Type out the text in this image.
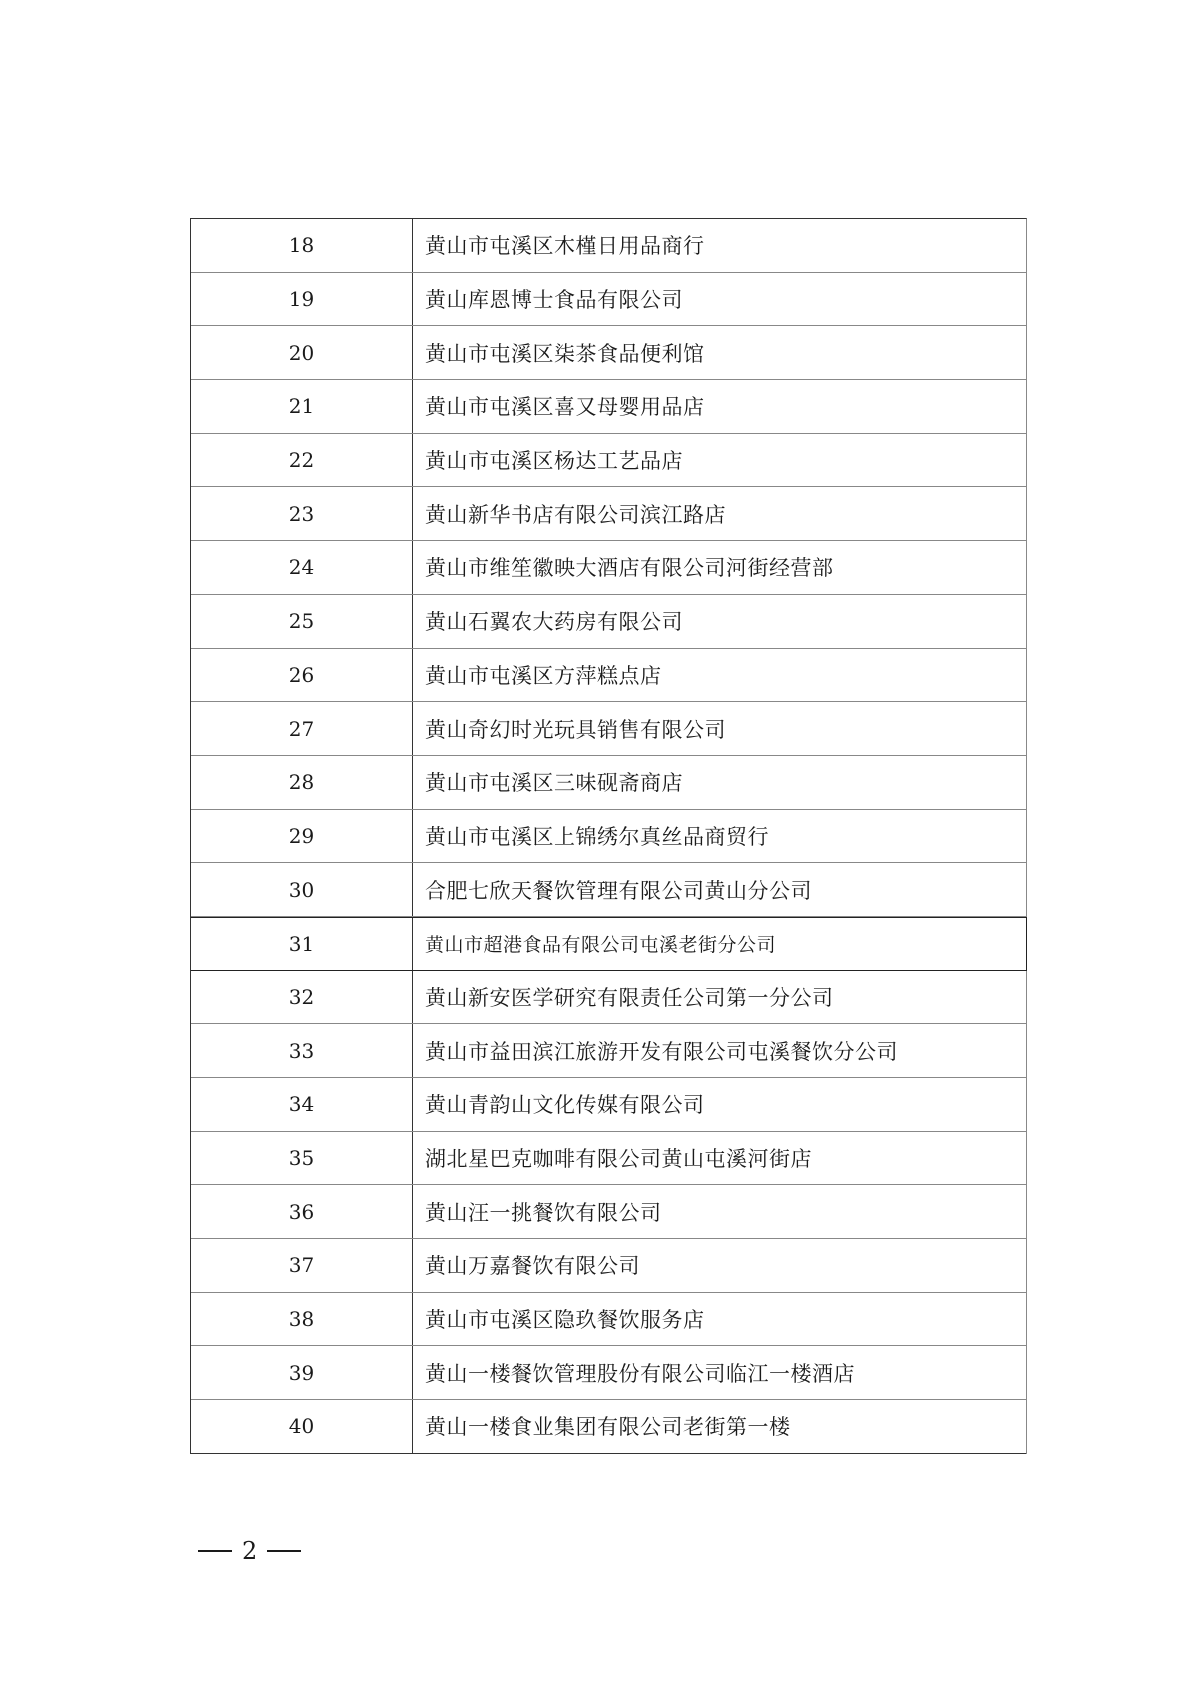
18	黄山市屯溪区木槿日用品商行
19	黄山库恩博士食品有限公司
20	黄山市屯溪区柒茶食品便利馆
21	黄山市屯溪区喜又母婴用品店
22	黄山市屯溪区杨达工艺品店
23	黄山新华书店有限公司滨江路店
24	黄山市维笙徽映大酒店有限公司河街经营部
25	黄山石翼农大药房有限公司
26	黄山市屯溪区方萍糕点店
27	黄山奇幻时光玩具销售有限公司
28	黄山市屯溪区三味砚斋商店
29	黄山市屯溪区上锦绣尔真丝品商贸行
30	合肥七欣天餐饮管理有限公司黄山分公司
31	黄山市超港食品有限公司屯溪老街分公司
32	黄山新安医学研究有限责任公司第一分公司
33	黄山市益田滨江旅游开发有限公司屯溪餐饮分公司
34	黄山青韵山文化传媒有限公司
35	湖北星巴克咖啡有限公司黄山屯溪河街店
36	黄山汪一挑餐饮有限公司
37	黄山万嘉餐饮有限公司
38	黄山市屯溪区隐玖餐饮服务店
39	黄山一楼餐饮管理股份有限公司临江一楼酒店
40	黄山一楼食业集团有限公司老街第一楼
2
